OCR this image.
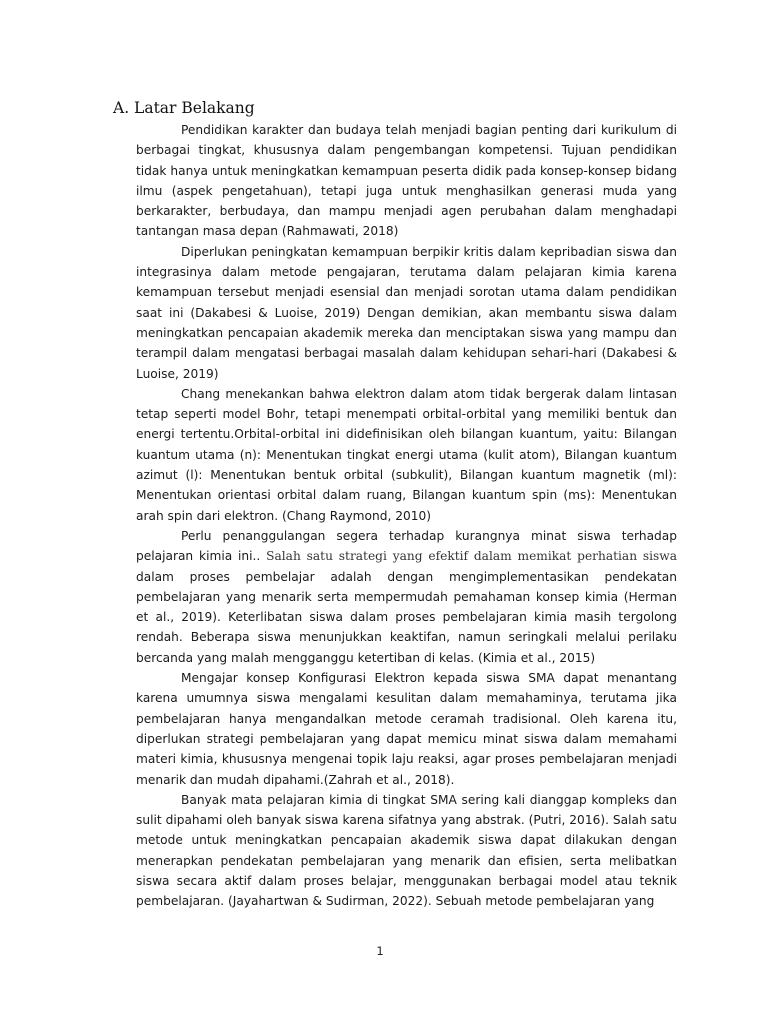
A. Latar Belakang

Pendidikan karakter dan budaya telah menjadi bagian penting dari kurikulum di berbagai tingkat, khususnya dalam pengembangan kompetensi. Tujuan pendidikan tidak hanya untuk meningkatkan kemampuan peserta didik pada konsep-konsep bidang ilmu (aspek pengetahuan), tetapi juga untuk menghasilkan generasi muda yang berkarakter, berbudaya, dan mampu menjadi agen perubahan dalam menghadapi tantangan masa depan (Rahmawati, 2018)

Diperlukan peningkatan kemampuan berpikir kritis dalam kepribadian siswa dan integrasinya dalam metode pengajaran, terutama dalam pelajaran kimia karena kemampuan tersebut menjadi esensial dan menjadi sorotan utama dalam pendidikan saat ini (Dakabesi & Luoise, 2019) Dengan demikian, akan membantu siswa dalam meningkatkan pencapaian akademik mereka dan menciptakan siswa yang mampu dan terampil dalam mengatasi berbagai masalah dalam kehidupan sehari-hari (Dakabesi & Luoise, 2019)

Chang menekankan bahwa elektron dalam atom tidak bergerak dalam lintasan tetap seperti model Bohr, tetapi menempati orbital-orbital yang memiliki bentuk dan energi tertentu.Orbital-orbital ini didefinisikan oleh bilangan kuantum, yaitu: Bilangan kuantum utama (n): Menentukan tingkat energi utama (kulit atom), Bilangan kuantum azimut (l): Menentukan bentuk orbital (subkulit), Bilangan kuantum magnetik (ml): Menentukan orientasi orbital dalam ruang, Bilangan kuantum spin (ms): Menentukan arah spin dari elektron. (Chang Raymond, 2010)

Perlu penanggulangan segera terhadap kurangnya minat siswa terhadap pelajaran kimia ini.. Salah satu strategi yang efektif dalam memikat perhatian siswa dalam proses pembelajar adalah dengan mengimplementasikan pendekatan pembelajaran yang menarik serta mempermudah pemahaman konsep kimia (Herman et al., 2019). Keterlibatan siswa dalam proses pembelajaran kimia masih tergolong rendah. Beberapa siswa menunjukkan keaktifan, namun seringkali melalui perilaku bercanda yang malah mengganggu ketertiban di kelas. (Kimia et al., 2015)

Mengajar konsep Konfigurasi Elektron kepada siswa SMA dapat menantang karena umumnya siswa mengalami kesulitan dalam memahaminya, terutama jika pembelajaran hanya mengandalkan metode ceramah tradisional. Oleh karena itu, diperlukan strategi pembelajaran yang dapat memicu minat siswa dalam memahami materi kimia, khususnya mengenai topik laju reaksi, agar proses pembelajaran menjadi menarik dan mudah dipahami.(Zahrah et al., 2018).

Banyak mata pelajaran kimia di tingkat SMA sering kali dianggap kompleks dan sulit dipahami oleh banyak siswa karena sifatnya yang abstrak. (Putri, 2016). Salah satu metode untuk meningkatkan pencapaian akademik siswa dapat dilakukan dengan menerapkan pendekatan pembelajaran yang menarik dan efisien, serta melibatkan siswa secara aktif dalam proses belajar, menggunakan berbagai model atau teknik pembelajaran. (Jayahartwan & Sudirman, 2022). Sebuah metode pembelajaran yang

1
